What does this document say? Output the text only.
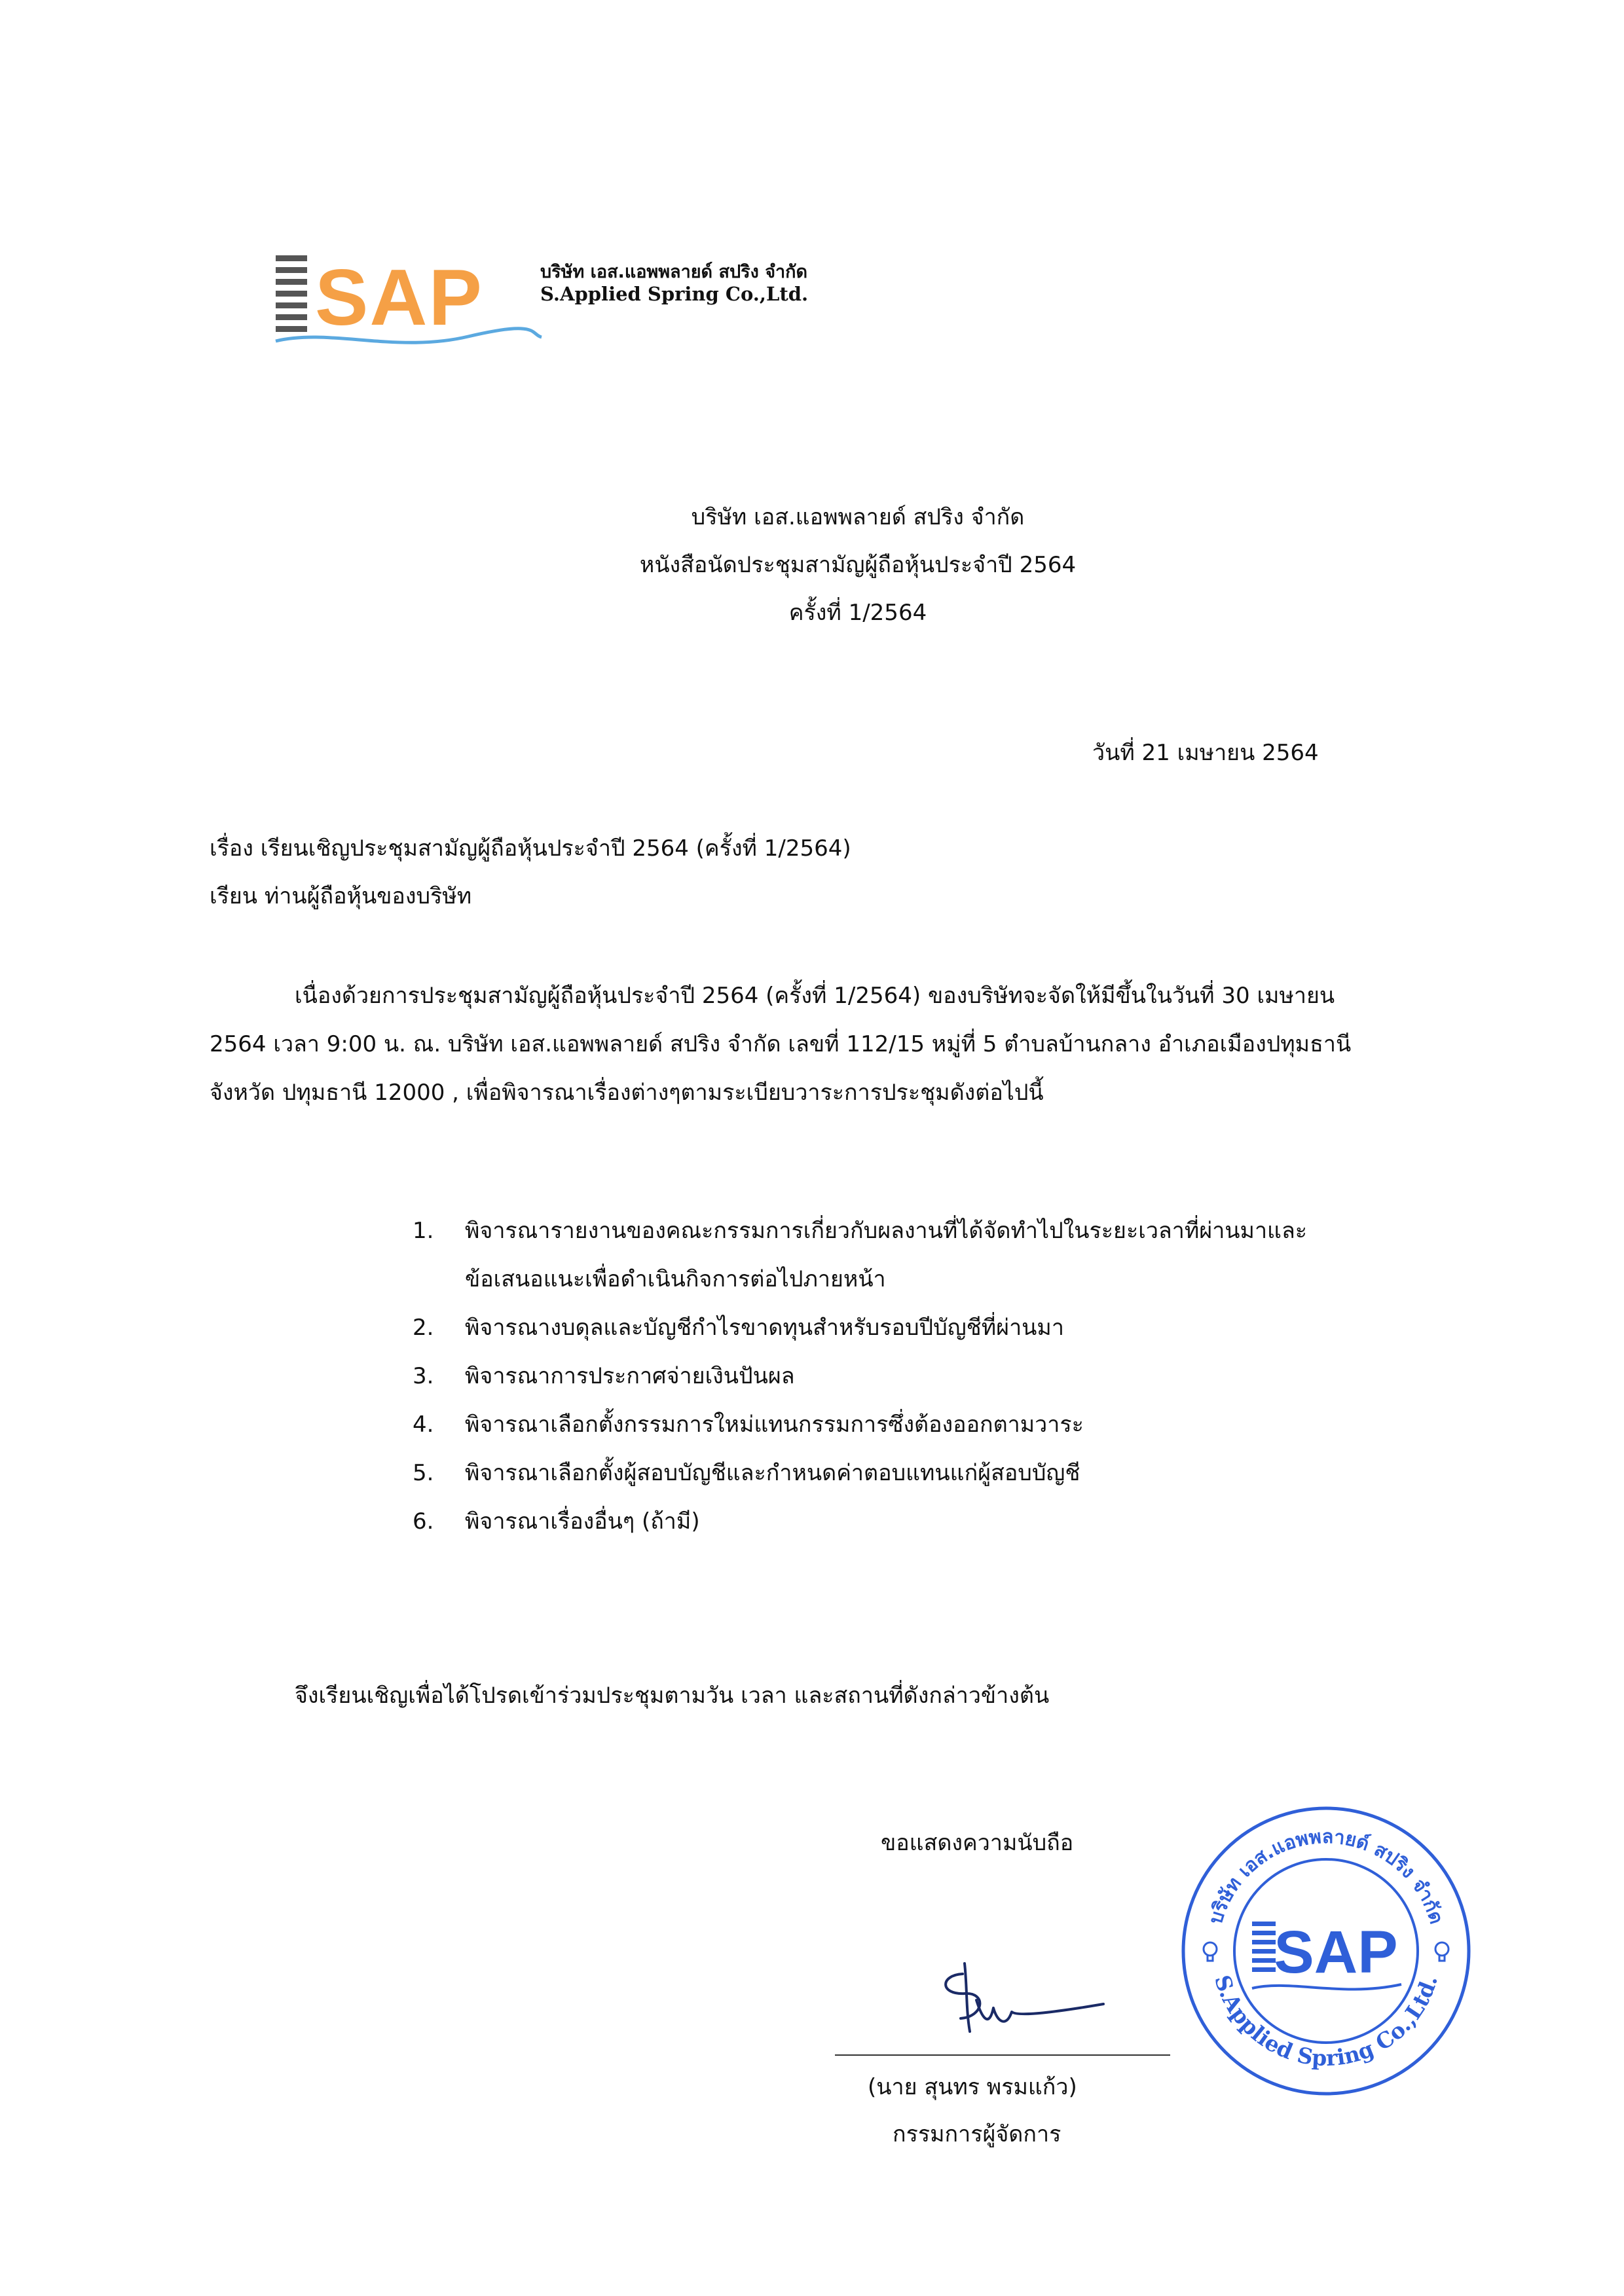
SAP	บริษัท เอส.แอพพลายด์ สปริง จำกัด
S.Applied Spring Co.,Ltd.
บริษัท เอส.แอพพลายด์ สปริง จำกัด
หนังสือนัดประชุมสามัญผู้ถือหุ้นประจำปี 2564
ครั้งที่ 1/2564
วันที่ 21 เมษายน 2564
เรื่อง เรียนเชิญประชุมสามัญผู้ถือหุ้นประจำปี 2564 (ครั้งที่ 1/2564)
เรียน ท่านผู้ถือหุ้นของบริษัท
เนื่องด้วยการประชุมสามัญผู้ถือหุ้นประจำปี 2564 (ครั้งที่ 1/2564) ของบริษัทจะจัดให้มีขึ้นในวันที่ 30 เมษายน
2564 เวลา 9:00 น. ณ. บริษัท เอส.แอพพลายด์ สปริง จำกัด เลขที่ 112/15 หมู่ที่ 5 ตำบลบ้านกลาง อำเภอเมืองปทุมธานี
จังหวัด ปทุมธานี 12000 , เพื่อพิจารณาเรื่องต่างๆตามระเบียบวาระการประชุมดังต่อไปนี้
1. พิจารณารายงานของคณะกรรมการเกี่ยวกับผลงานที่ได้จัดทำไปในระยะเวลาที่ผ่านมาและ
ข้อเสนอแนะเพื่อดำเนินกิจการต่อไปภายหน้า
2. พิจารณางบดุลและบัญชีกำไรขาดทุนสำหรับรอบปีบัญชีที่ผ่านมา
3. พิจารณาการประกาศจ่ายเงินปันผล
4. พิจารณาเลือกตั้งกรรมการใหม่แทนกรรมการซึ่งต้องออกตามวาระ
5. พิจารณาเลือกตั้งผู้สอบบัญชีและกำหนดค่าตอบแทนแก่ผู้สอบบัญชี
6. พิจารณาเรื่องอื่นๆ (ถ้ามี)
จึงเรียนเชิญเพื่อได้โปรดเข้าร่วมประชุมตามวัน เวลา และสถานที่ดังกล่าวข้างต้น
ขอแสดงความนับถือ
(นาย สุนทร พรมแก้ว)
กรรมการผู้จัดการ
บริษัท เอส.แอพพลายด์ สปริง จำกัด
S.Applied Spring Co.,Ltd.
SAP
